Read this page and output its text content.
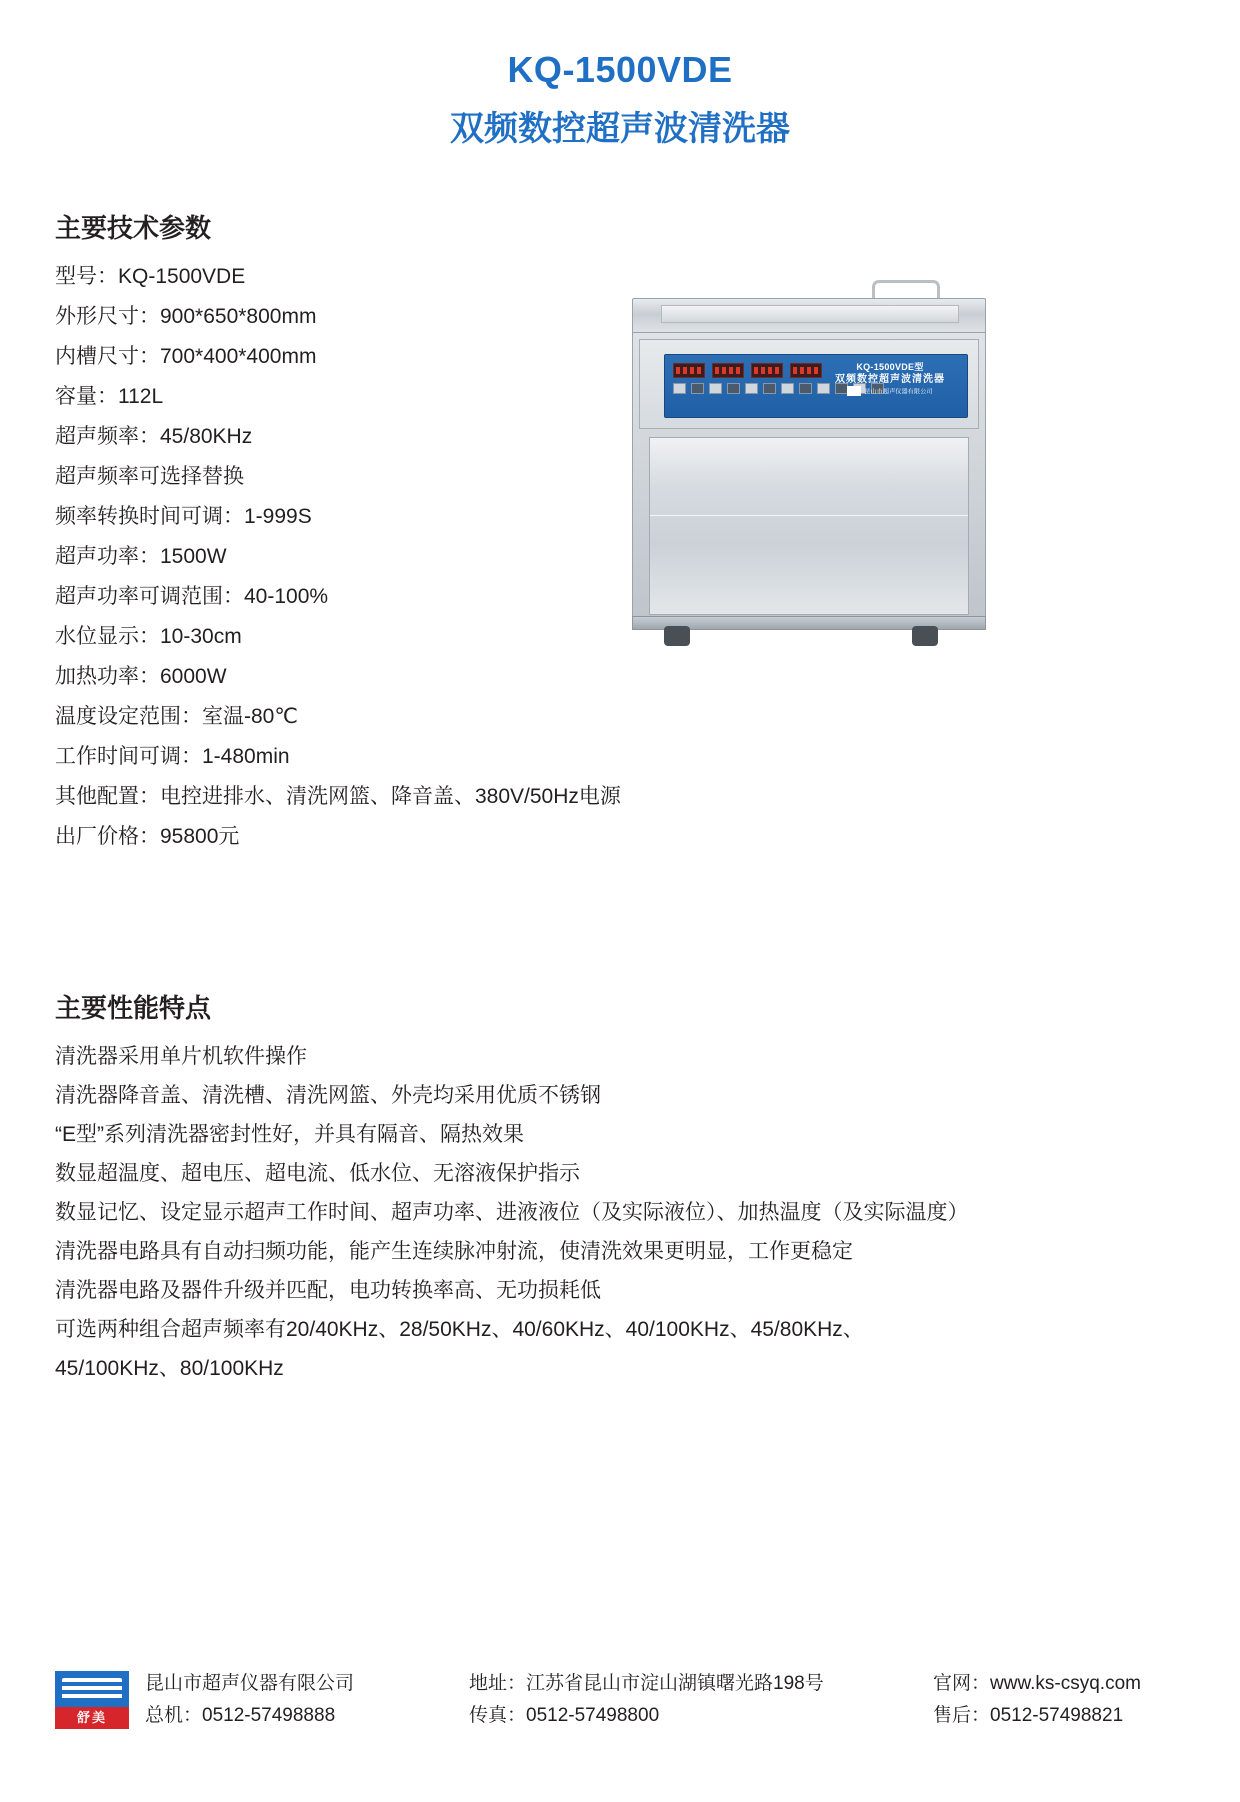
KQ-1500VDE
双频数控超声波清洗器
主要技术参数
型号：KQ-1500VDE
外形尺寸：900*650*800mm
内槽尺寸：700*400*400mm
容量：112L
超声频率：45/80KHz
超声频率可选择替换
频率转换时间可调：1-999S
超声功率：1500W
超声功率可调范围：40-100%
水位显示：10-30cm
加热功率：6000W
温度设定范围：室温-80℃
工作时间可调：1-480min
其他配置：电控进排水、清洗网篮、降音盖、380V/50Hz电源
出厂价格：95800元
KQ-1500VDE型
双频数控超声波清洗器
昆山市超声仪器有限公司
主要性能特点
清洗器采用单片机软件操作
清洗器降音盖、清洗槽、清洗网篮、外壳均采用优质不锈钢
“E型”系列清洗器密封性好，并具有隔音、隔热效果
数显超温度、超电压、超电流、低水位、无溶液保护指示
数显记忆、设定显示超声工作时间、超声功率、进液液位（及实际液位）、加热温度（及实际温度）
清洗器电路具有自动扫频功能，能产生连续脉冲射流，使清洗效果更明显，工作更稳定
清洗器电路及器件升级并匹配，电功转换率高、无功损耗低
可选两种组合超声频率有20/40KHz、28/50KHz、40/60KHz、40/100KHz、45/80KHz、
45/100KHz、80/100KHz
舒美
昆山市超声仪器有限公司
总机：0512-57498888
地址：江苏省昆山市淀山湖镇曙光路198号
传真：0512-57498800
官网：www.ks-csyq.com
售后：0512-57498821
